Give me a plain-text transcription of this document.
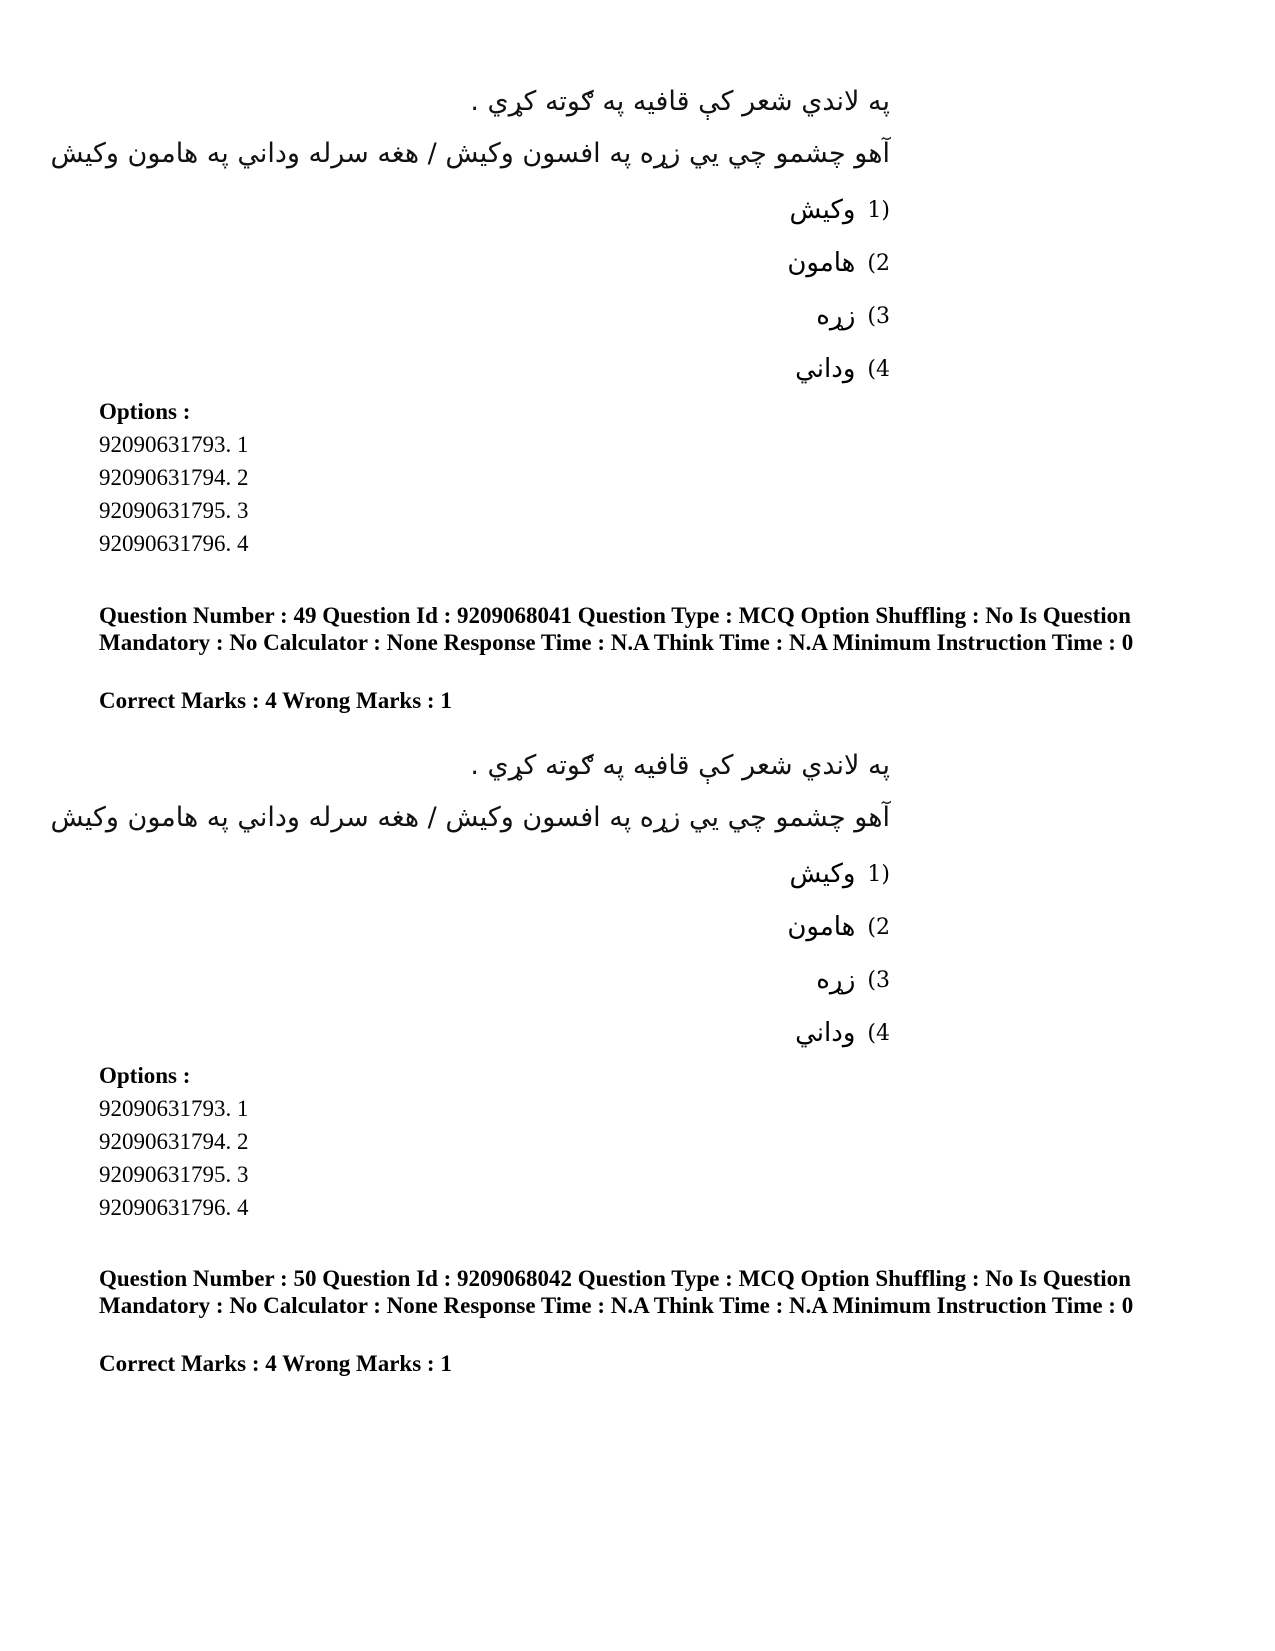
په لاندي شعر کې قافيه په ګوته کړي .
آهو چشمو چي يي زړه په افسون وکيش / هغه سرله وداني په هامون وکيش
وکيش 1)
هامون (2
زړه (3
وداني (4
Options :
92090631793. 1
92090631794. 2
92090631795. 3
92090631796. 4
Question Number : 49 Question Id : 9209068041 Question Type : MCQ Option Shuffling : No Is Question Mandatory : No Calculator : None Response Time : N.A Think Time : N.A Minimum Instruction Time : 0
Correct Marks : 4 Wrong Marks : 1
په لاندي شعر کې قافيه په ګوته کړي .
آهو چشمو چي يي زړه په افسون وکيش / هغه سرله وداني په هامون وکيش
وکيش 1)
هامون (2
زړه (3
وداني (4
Options :
92090631793. 1
92090631794. 2
92090631795. 3
92090631796. 4
Question Number : 50 Question Id : 9209068042 Question Type : MCQ Option Shuffling : No Is Question Mandatory : No Calculator : None Response Time : N.A Think Time : N.A Minimum Instruction Time : 0
Correct Marks : 4 Wrong Marks : 1
